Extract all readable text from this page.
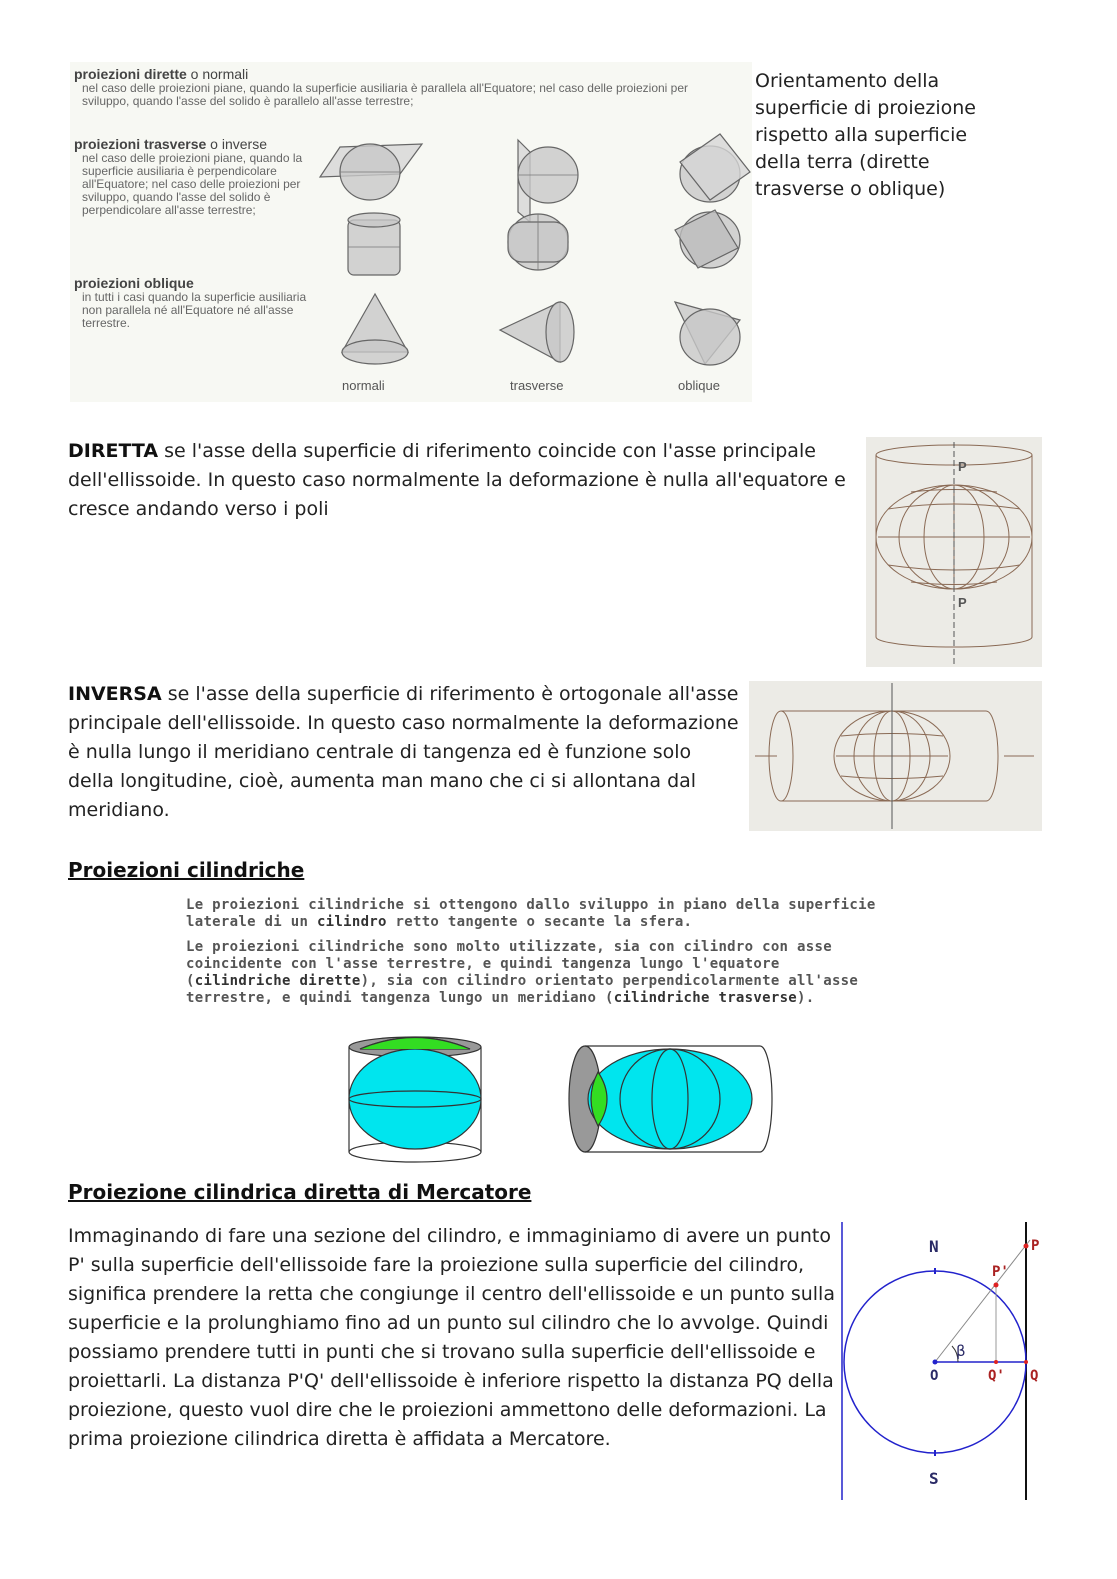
proiezioni dirette o normali
nel caso delle proiezioni piane, quando la superficie ausiliaria è parallela all'Equatore; nel caso delle proiezioni per sviluppo, quando l'asse del solido è parallelo all'asse terrestre;
proiezioni trasverse o inverse
nel caso delle proiezioni piane, quando la superficie ausiliaria è perpendicolare all'Equatore; nel caso delle proiezioni per sviluppo, quando l'asse del solido è perpendicolare all'asse terrestre;
proiezioni oblique
in tutti i casi quando la superficie ausiliaria non parallela né all'Equatore né all'asse terrestre.
normali	trasverse	oblique
Orientamento della superficie di proiezione rispetto alla superficie della terra (dirette trasverse o oblique)
DIRETTA se l'asse della superficie di riferimento coincide con l'asse principale dell'ellissoide. In questo caso normalmente la deformazione è nulla all'equatore e cresce andando verso i poli
P
P
INVERSA se l'asse della superficie di riferimento è ortogonale all'asse principale dell'ellissoide. In questo caso normalmente la deformazione è nulla lungo il meridiano centrale di tangenza ed è funzione solo della longitudine, cioè, aumenta man mano che ci si allontana dal meridiano.
Proiezioni cilindriche
Le proiezioni cilindriche si ottengono dallo sviluppo in piano della superficie laterale di un cilindro retto tangente o secante la sfera.
Le proiezioni cilindriche sono molto utilizzate, sia con cilindro con asse coincidente con l'asse terrestre, e quindi tangenza lungo l'equatore (cilindriche dirette), sia con cilindro orientato perpendicolarmente all'asse terrestre, e quindi tangenza lungo un meridiano (cilindriche trasverse).
Proiezione cilindrica diretta di Mercatore
Immaginando di fare una sezione del cilindro, e immaginiamo di avere un punto P' sulla superficie dell'ellissoide fare la proiezione sulla superficie del cilindro, significa prendere la retta che congiunge il centro dell'ellissoide e un punto sulla superficie e la prolunghiamo fino ad un punto sul cilindro che lo avvolge. Quindi possiamo prendere tutti in punti che si trovano sulla superficie dell'ellissoide e proiettarli. La distanza P'Q' dell'ellissoide è inferiore rispetto la distanza PQ della proiezione, questo vuol dire che le proiezioni ammettono delle deformazioni. La prima proiezione cilindrica diretta è affidata a Mercatore.
N
S
O	Q' Q
P'
P
β
